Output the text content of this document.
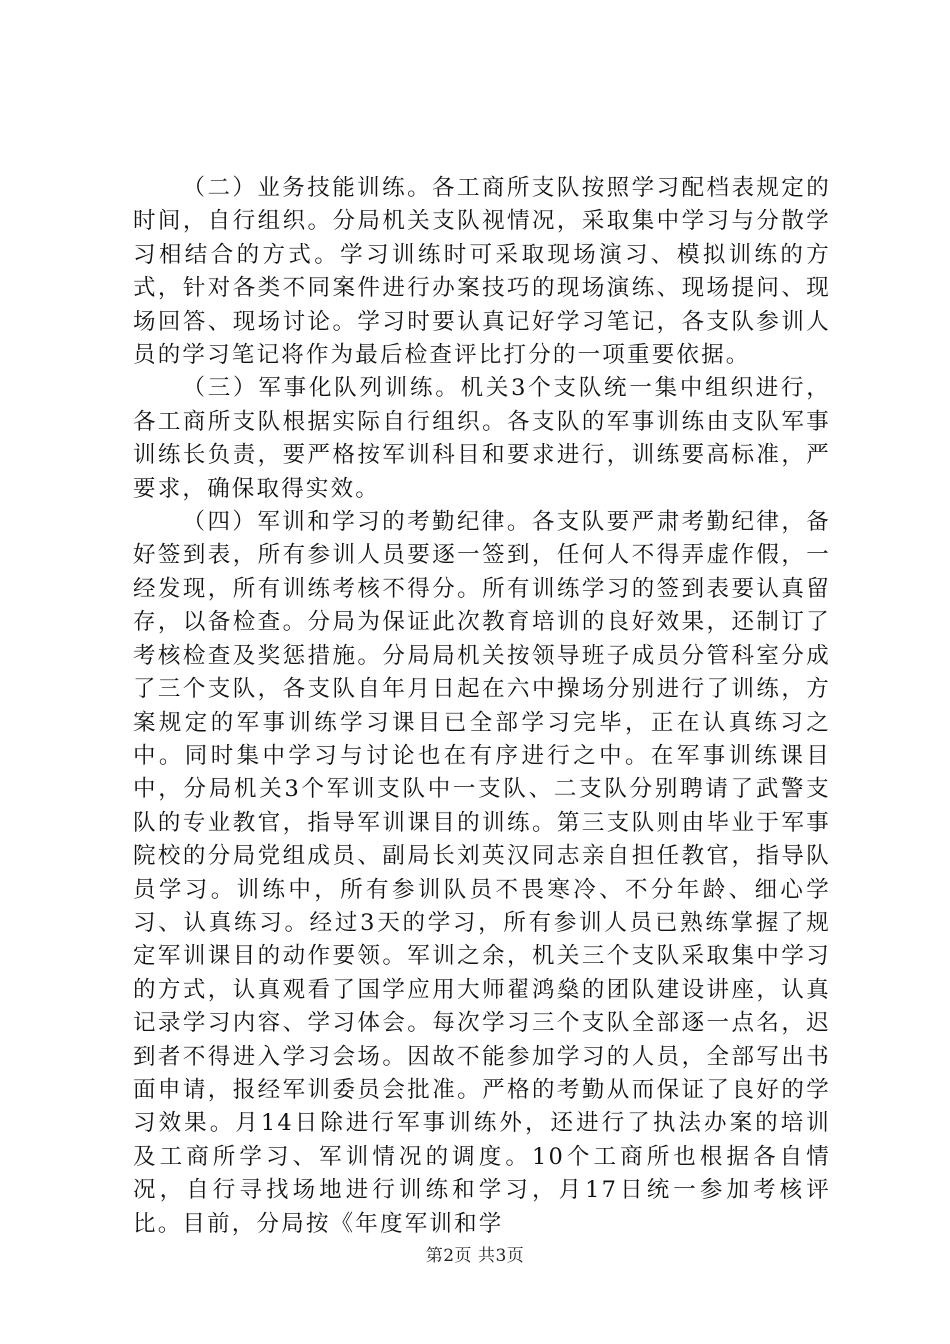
（二）业务技能训练。各工商所支队按照学习配档表规定的时间，自行组织。分局机关支队视情况，采取集中学习与分散学习相结合的方式。学习训练时可采取现场演习、模拟训练的方式，针对各类不同案件进行办案技巧的现场演练、现场提问、现场回答、现场讨论。学习时要认真记好学习笔记，各支队参训人员的学习笔记将作为最后检查评比打分的一项重要依据。

（三）军事化队列训练。机关3个支队统一集中组织进行，各工商所支队根据实际自行组织。各支队的军事训练由支队军事训练长负责，要严格按军训科目和要求进行，训练要高标准，严要求，确保取得实效。

（四）军训和学习的考勤纪律。各支队要严肃考勤纪律，备好签到表，所有参训人员要逐一签到，任何人不得弄虚作假，一经发现，所有训练考核不得分。所有训练学习的签到表要认真留存，以备检查。分局为保证此次教育培训的良好效果，还制订了考核检查及奖惩措施。分局局机关按领导班子成员分管科室分成了三个支队，各支队自年月日起在六中操场分别进行了训练，方案规定的军事训练学习课目已全部学习完毕，正在认真练习之中。同时集中学习与讨论也在有序进行之中。在军事训练课目中，分局机关3个军训支队中一支队、二支队分别聘请了武警支队的专业教官，指导军训课目的训练。第三支队则由毕业于军事院校的分局党组成员、副局长刘英汉同志亲自担任教官，指导队员学习。训练中，所有参训队员不畏寒冷、不分年龄、细心学习、认真练习。经过3天的学习，所有参训人员已熟练掌握了规定军训课目的动作要领。军训之余，机关三个支队采取集中学习的方式，认真观看了国学应用大师翟鸿燊的团队建设讲座，认真记录学习内容、学习体会。每次学习三个支队全部逐一点名，迟到者不得进入学习会场。因故不能参加学习的人员，全部写出书面申请，报经军训委员会批准。严格的考勤从而保证了良好的学习效果。月14日除进行军事训练外，还进行了执法办案的培训及工商所学习、军训情况的调度。10个工商所也根据各自情况，自行寻找场地进行训练和学习，月17日统一参加考核评比。目前，分局按《年度军训和学

第2页 共3页
